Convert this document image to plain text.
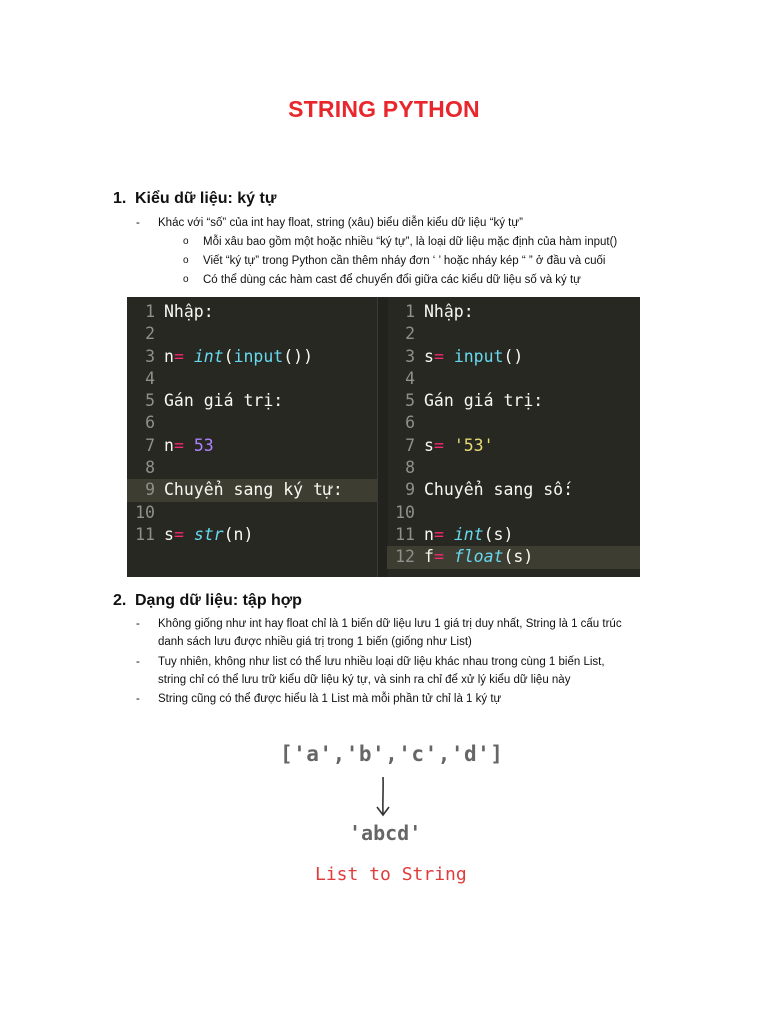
STRING PYTHON
1. Kiểu dữ liệu: ký tự
- Khác với “số” của int hay float, string (xâu) biểu diễn kiểu dữ liệu “ký tự”
o Mỗi xâu bao gồm một hoặc nhiều “ký tự”, là loại dữ liệu mặc định của hàm input()
o Viết “ký tự” trong Python cần thêm nháy đơn ‘ ’ hoặc nháy kép “ ” ở đầu và cuối
o Có thể dùng các hàm cast để chuyển đổi giữa các kiểu dữ liệu số và ký tự
1 Nhập:
2
3 n= int(input())
4
5 Gán giá trị:
6
7 n= 53
8
9 Chuyển sang ký tự:
10
11 s= str(n)
1 Nhập:
2
3 s= input()
4
5 Gán giá trị:
6
7 s= '53'
8
9 Chuyển sang số:
10
11 n= int(s)
12 f= float(s)
2. Dạng dữ liệu: tập hợp
- Không giống như int hay float chỉ là 1 biến dữ liệu lưu 1 giá trị duy nhất, String là 1 cấu trúc
danh sách lưu được nhiều giá trị trong 1 biến (giống như List)
- Tuy nhiên, không như list có thể lưu nhiều loại dữ liệu khác nhau trong cùng 1 biến List,
string chỉ có thể lưu trữ kiểu dữ liệu ký tự, và sinh ra chỉ để xử lý kiểu dữ liệu này
- String cũng có thể được hiểu là 1 List mà mỗi phần tử chỉ là 1 ký tự
['a','b','c','d']
'abcd'
List to String
